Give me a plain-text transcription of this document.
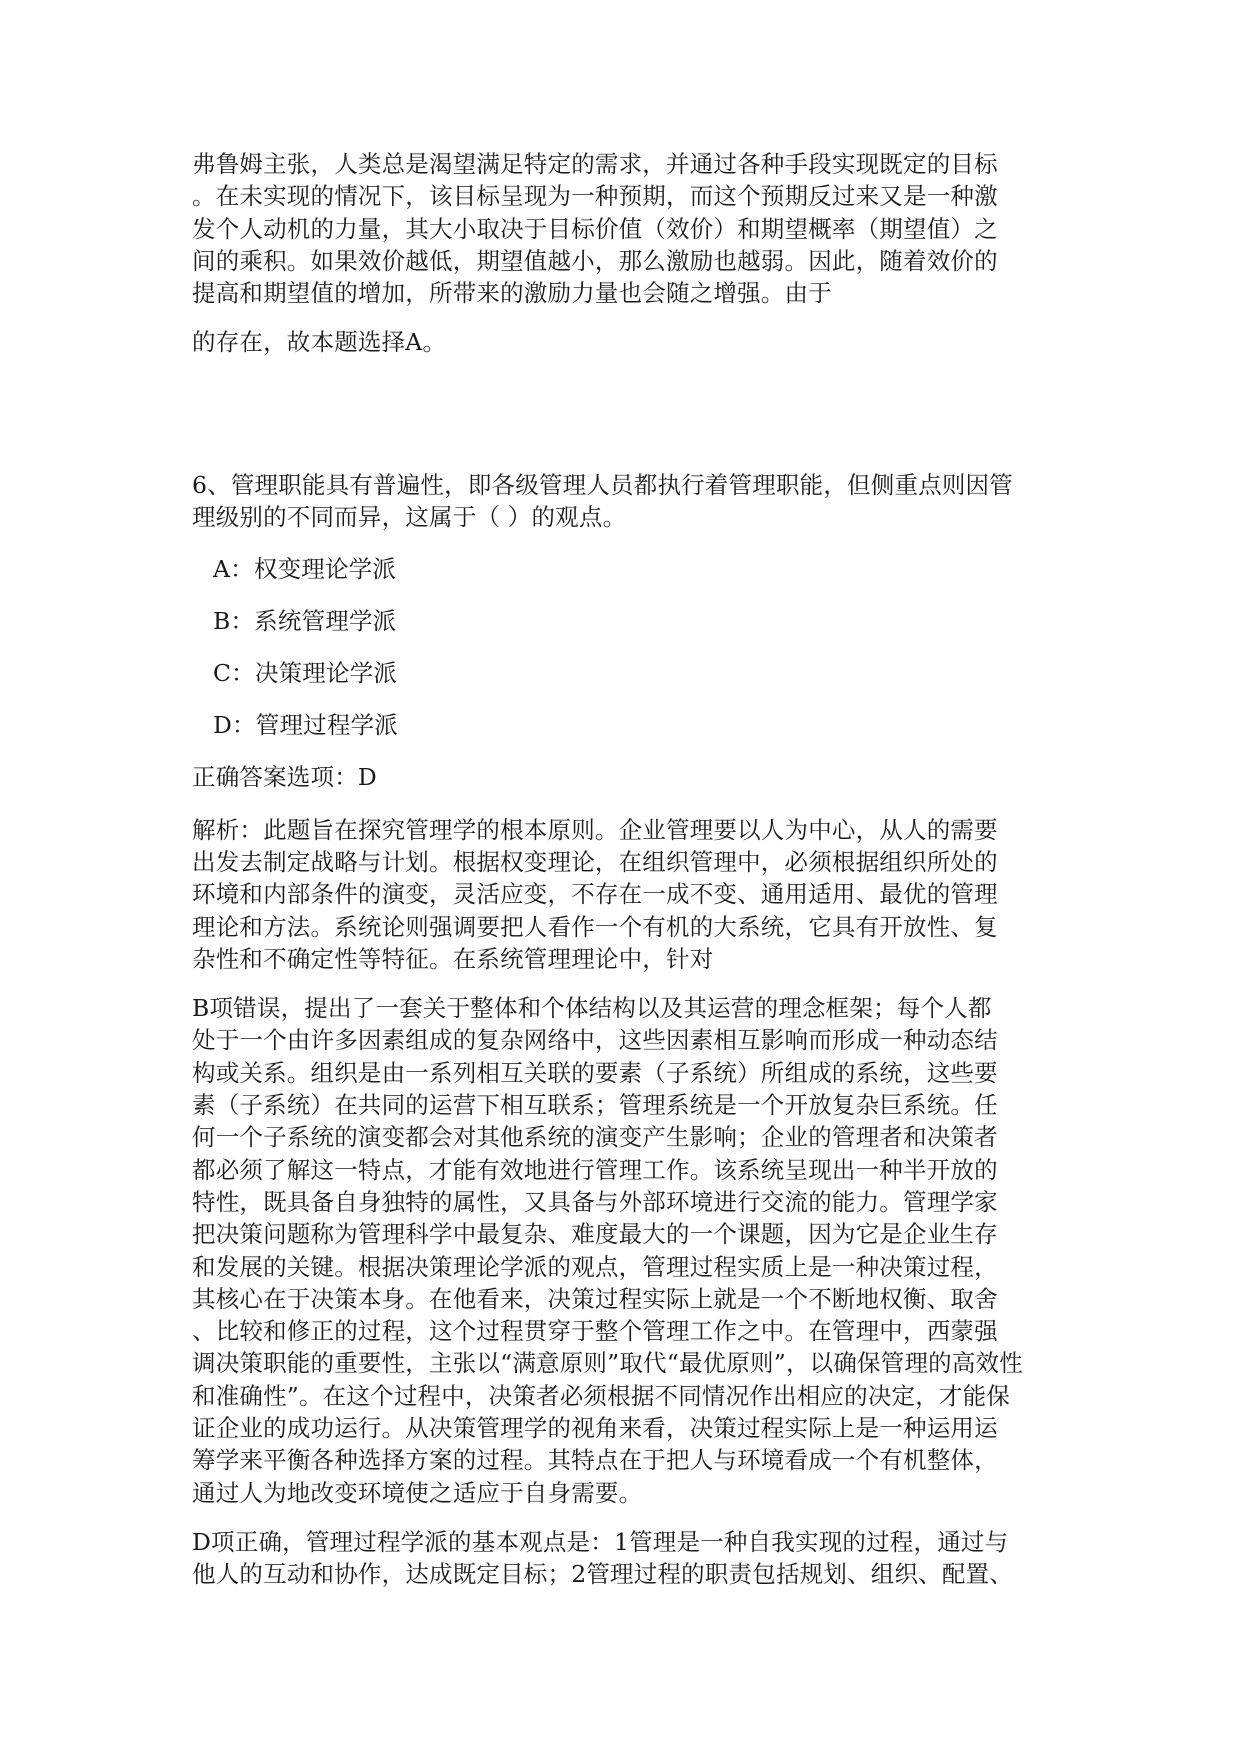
弗鲁姆主张，人类总是渴望满足特定的需求，并通过各种手段实现既定的目标
。在未实现的情况下，该目标呈现为一种预期，而这个预期反过来又是一种激
发个人动机的力量，其大小取决于目标价值（效价）和期望概率（期望值）之
间的乘积。如果效价越低，期望值越小，那么激励也越弱。因此，随着效价的
提高和期望值的增加，所带来的激励力量也会随之增强。由于
的存在，故本题选择A。
6、管理职能具有普遍性，即各级管理人员都执行着管理职能，但侧重点则因管
理级别的不同而异，这属于（ ）的观点。
A：权变理论学派
B：系统管理学派
C：决策理论学派
D：管理过程学派
正确答案选项：D
解析：此题旨在探究管理学的根本原则。企业管理要以人为中心，从人的需要
出发去制定战略与计划。根据权变理论，在组织管理中，必须根据组织所处的
环境和内部条件的演变，灵活应变，不存在一成不变、通用适用、最优的管理
理论和方法。系统论则强调要把人看作一个有机的大系统，它具有开放性、复
杂性和不确定性等特征。在系统管理理论中，针对
B项错误，提出了一套关于整体和个体结构以及其运营的理念框架；每个人都
处于一个由许多因素组成的复杂网络中，这些因素相互影响而形成一种动态结
构或关系。组织是由一系列相互关联的要素（子系统）所组成的系统，这些要
素（子系统）在共同的运营下相互联系；管理系统是一个开放复杂巨系统。任
何一个子系统的演变都会对其他系统的演变产生影响；企业的管理者和决策者
都必须了解这一特点，才能有效地进行管理工作。该系统呈现出一种半开放的
特性，既具备自身独特的属性，又具备与外部环境进行交流的能力。管理学家
把决策问题称为管理科学中最复杂、难度最大的一个课题，因为它是企业生存
和发展的关键。根据决策理论学派的观点，管理过程实质上是一种决策过程，
其核心在于决策本身。在他看来，决策过程实际上就是一个不断地权衡、取舍
、比较和修正的过程，这个过程贯穿于整个管理工作之中。在管理中，西蒙强
调决策职能的重要性，主张以“满意原则”取代“最优原则”，以确保管理的高效性
和准确性”。在这个过程中，决策者必须根据不同情况作出相应的决定，才能保
证企业的成功运行。从决策管理学的视角来看，决策过程实际上是一种运用运
筹学来平衡各种选择方案的过程。其特点在于把人与环境看成一个有机整体，
通过人为地改变环境使之适应于自身需要。
D项正确，管理过程学派的基本观点是：1管理是一种自我实现的过程，通过与
他人的互动和协作，达成既定目标；2管理过程的职责包括规划、组织、配置、
